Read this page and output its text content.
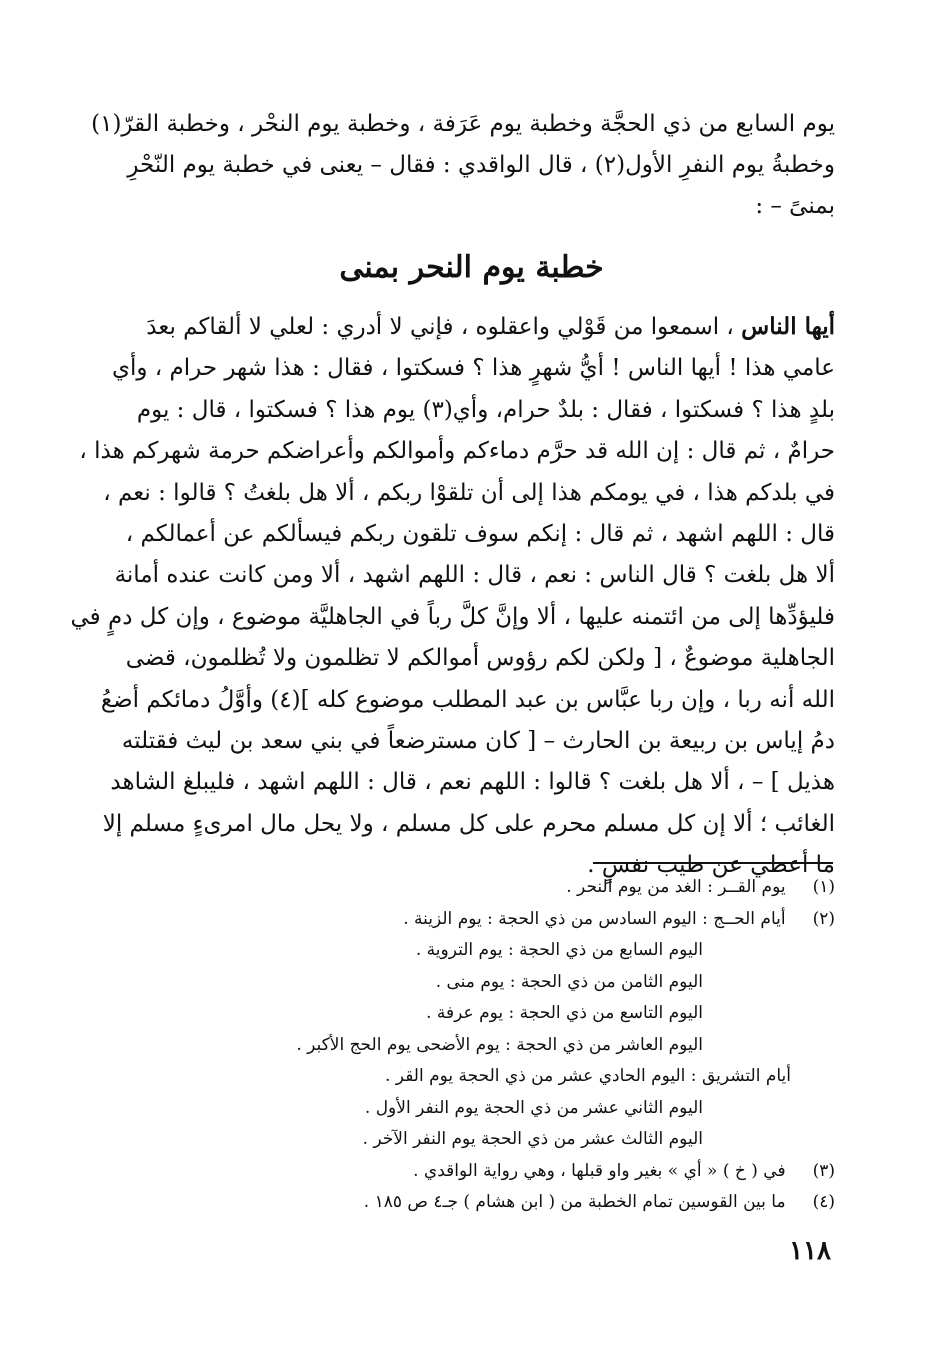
يوم السابع من ذي الحجَّة وخطبة يوم عَرَفة ، وخطبة يوم النحْر ، وخطبة القرّ(١)
وخطبةُ يوم النفرِ الأول(٢) ، قال الواقدي : فقال – يعنى في خطبة يوم النّحْرِ
بمنىً – :
خطبة يوم النحر بمنى
أيها الناس ، اسمعوا من قَوْلي واعقلوه ، فإني لا أدري : لعلي لا ألقاكم بعدَ
عامي هذا ! أيها الناس ! أيُّ شهرٍ هذا ؟ فسكتوا ، فقال : هذا شهر حرام ، وأي
بلدٍ هذا ؟ فسكتوا ، فقال : بلدٌ حرام، وأي(٣) يوم هذا ؟ فسكتوا ، قال : يوم
حرامٌ ، ثم قال : إن الله قد حرَّم دماءكم وأموالكم وأعراضكم حرمة شهركم هذا ،
في بلدكم هذا ، في يومكم هذا إلى أن تلقوْا ربكم ، ألا هل بلغتُ ؟ قالوا : نعم ،
قال : اللهم اشهد ، ثم قال : إنكم سوف تلقون ربكم فيسألكم عن أعمالكم ،
ألا هل بلغت ؟ قال الناس : نعم ، قال : اللهم اشهد ، ألا ومن كانت عنده أمانة
فليؤدِّها إلى من ائتمنه عليها ، ألا وإنَّ كلَّ رباً في الجاهليَّة موضوع ، وإن كل دمٍ في
الجاهلية موضوعٌ ، [ ولكن لكم رؤوس أموالكم لا تظلمون ولا تُظلمون، قضى
الله أنه ربا ، وإن ربا عبَّاس بن عبد المطلب موضوع كله ](٤) وأوَّلُ دمائكم أضعُ
دمُ إياس بن ربيعة بن الحارث – [ كان مسترضعاً في بني سعد بن ليث فقتلته
هذيل ] – ، ألا هل بلغت ؟ قالوا : اللهم نعم ، قال : اللهم اشهد ، فليبلغ الشاهد
الغائب ؛ ألا إن كل مسلم محرم على كل مسلم ، ولا يحل مال امرىءٍ مسلم إلا
ما أعطي عن طيب نفسٍ .
(١) يوم القــر : الغد من يوم النحر .
(٢) أيام الحــج : اليوم السادس من ذي الحجة : يوم الزينة .
اليوم السابع من ذي الحجة : يوم التروية .
اليوم الثامن من ذي الحجة : يوم منى .
اليوم التاسع من ذي الحجة : يوم عرفة .
اليوم العاشر من ذي الحجة : يوم الأضحى يوم الحج الأكبر .
أيام التشريق : اليوم الحادي عشر من ذي الحجة يوم القر .
اليوم الثاني عشر من ذي الحجة يوم النفر الأول .
اليوم الثالث عشر من ذي الحجة يوم النفر الآخر .
(٣) في ( خ ) « أي » بغير واو قبلها ، وهي رواية الواقدي .
(٤) ما بين القوسين تمام الخطبة من ( ابن هشام ) جـ٤ ص ١٨٥ .
١١٨
